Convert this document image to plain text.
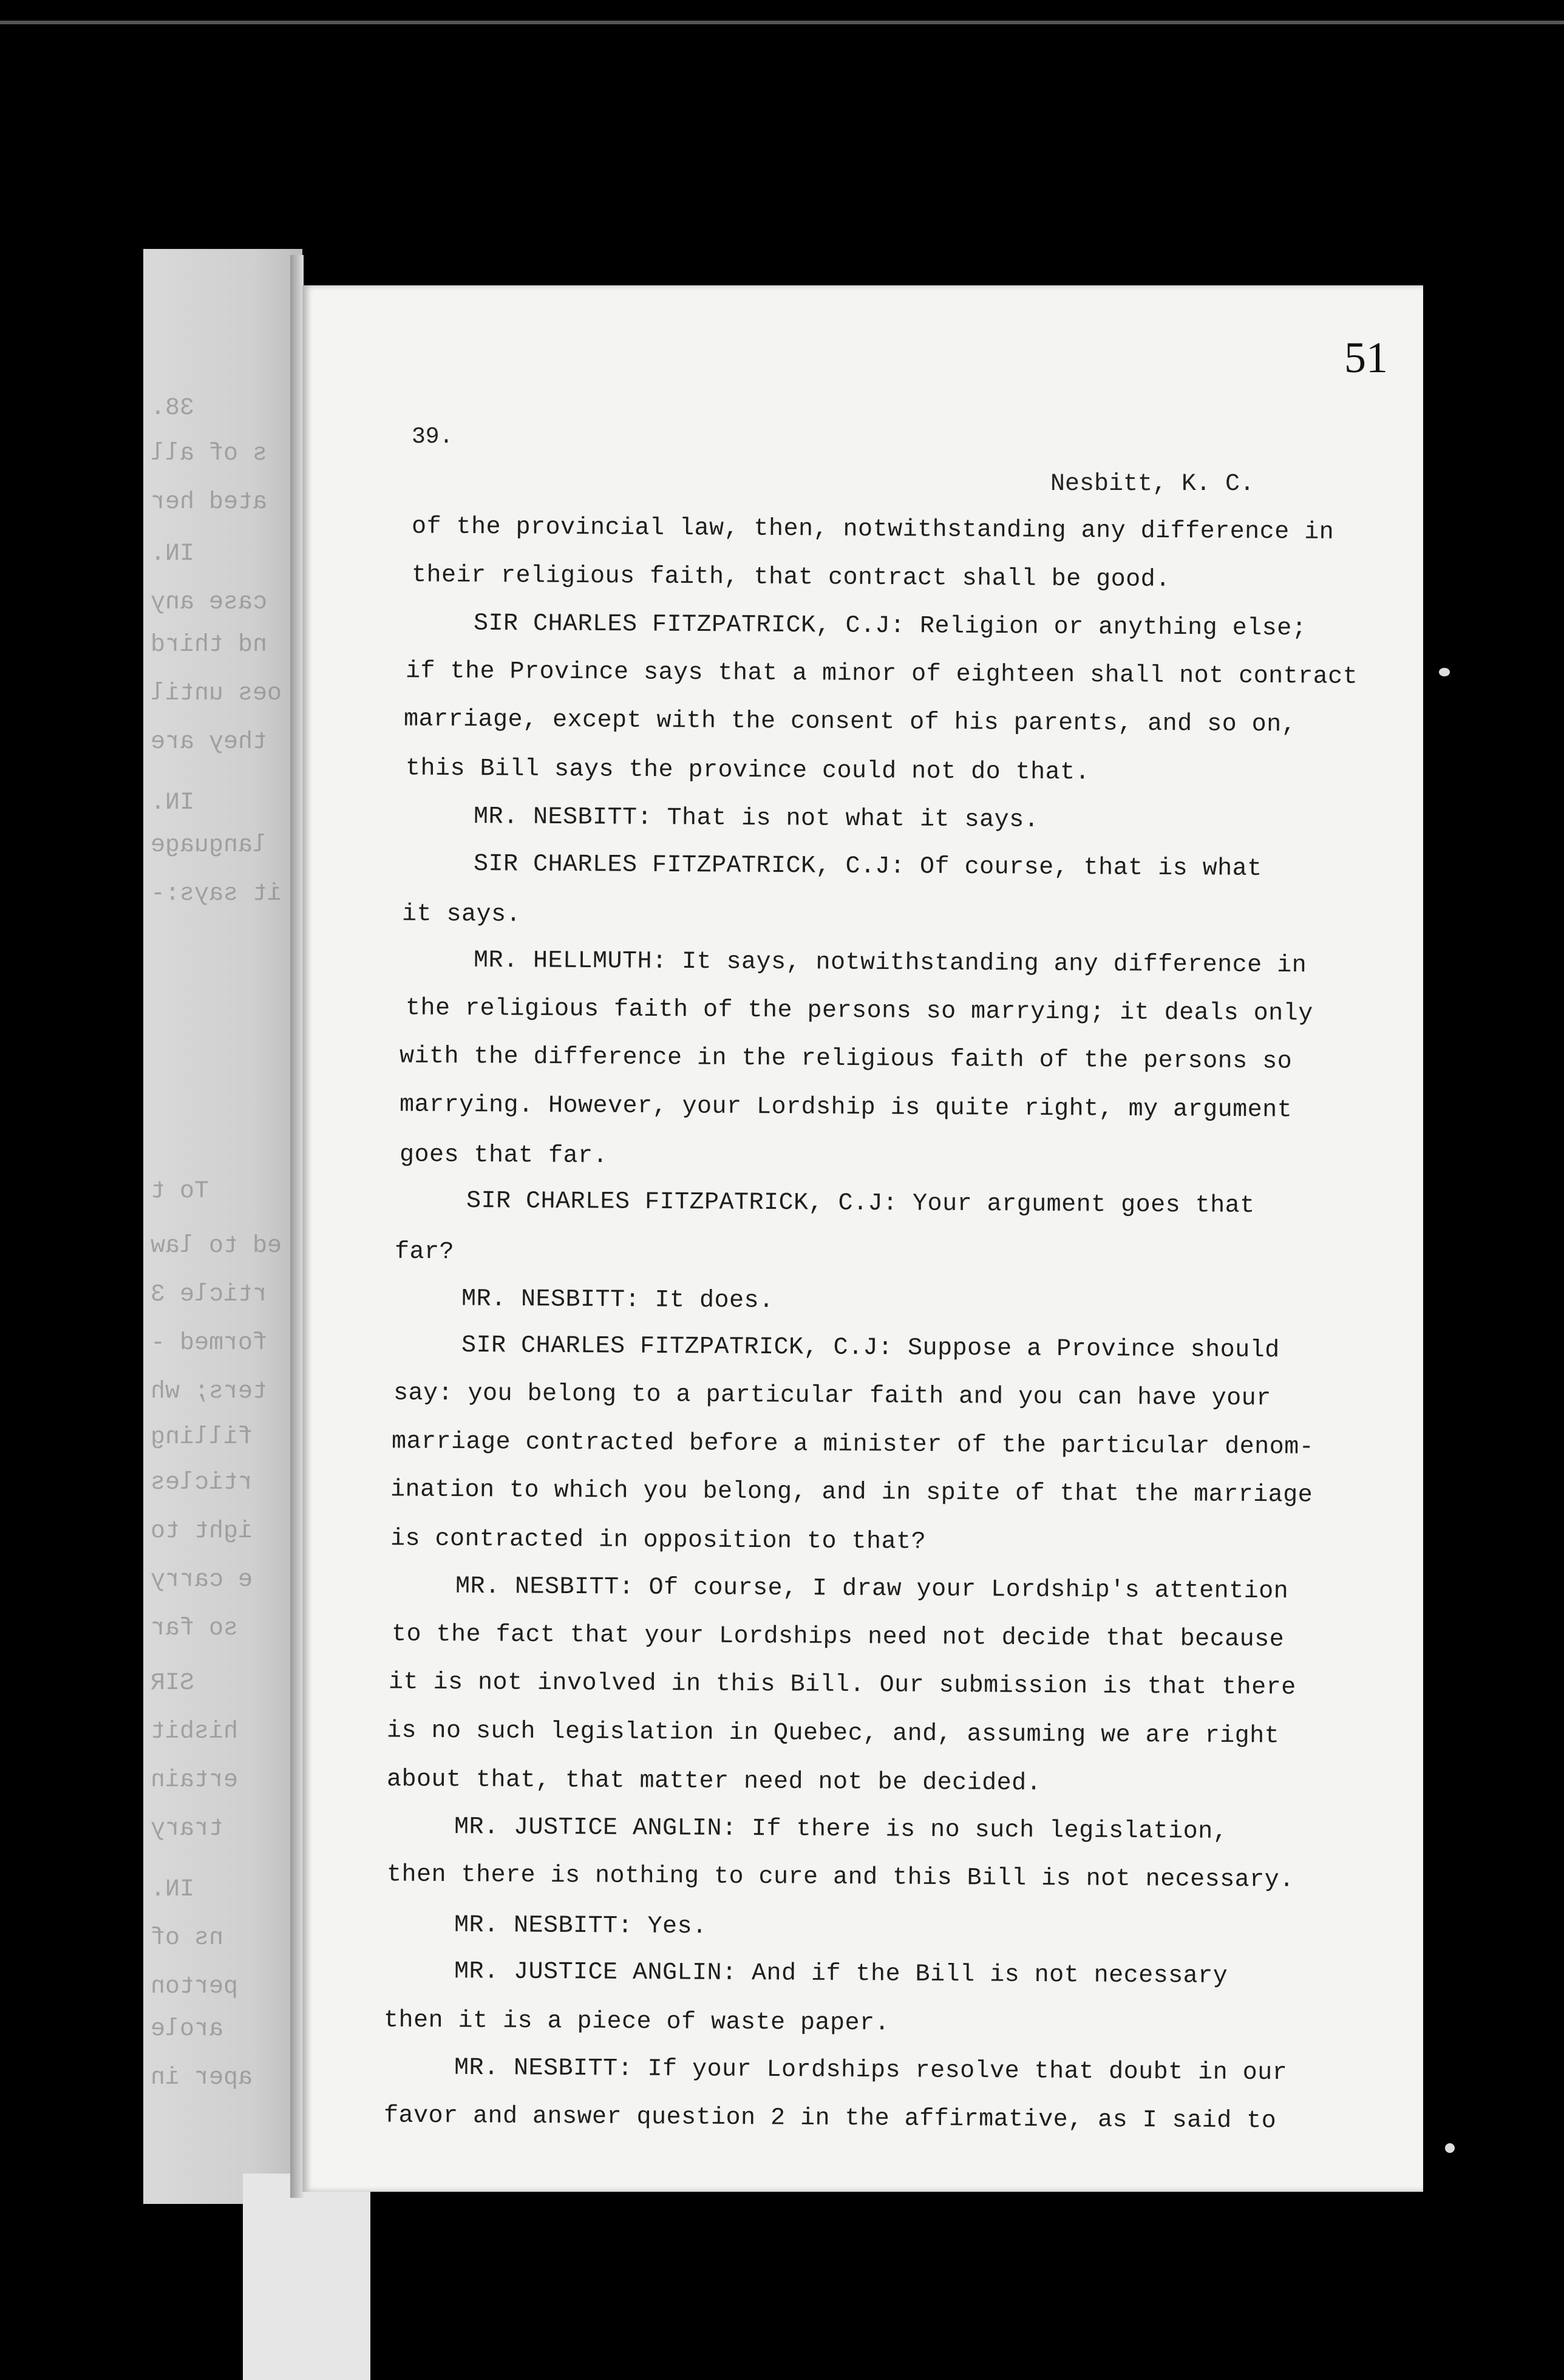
38.
s of all
ated her
IN.
case any
nd third
oes until
they are
IN.
language
it says:-
To t
ed to law
rticle 3
formed -
ters; wh
filling
rticles
ight to
e carry
so far
SIR
hisbit
ertain
trary
IN.
ns of
perton
arole
aper in
51
39.
Nesbitt, K. C.
of the provincial law, then, notwithstanding any difference in
their religious faith, that contract shall be good.
SIR CHARLES FITZPATRICK, C.J: Religion or anything else;
if the Province says that a minor of eighteen shall not contract
marriage, except with the consent of his parents, and so on,
this Bill says the province could not do that.
MR. NESBITT: That is not what it says.
SIR CHARLES FITZPATRICK, C.J: Of course, that is what
it says.
MR. HELLMUTH: It says, notwithstanding any difference in
the religious faith of the persons so marrying; it deals only
with the difference in the religious faith of the persons so
marrying. However, your Lordship is quite right, my argument
goes that far.
SIR CHARLES FITZPATRICK, C.J: Your argument goes that
far?
MR. NESBITT: It does.
SIR CHARLES FITZPATRICK, C.J: Suppose a Province should
say: you belong to a particular faith and you can have your
marriage contracted before a minister of the particular denom-
ination to which you belong, and in spite of that the marriage
is contracted in opposition to that?
MR. NESBITT: Of course, I draw your Lordship's attention
to the fact that your Lordships need not decide that because
it is not involved in this Bill. Our submission is that there
is no such legislation in Quebec, and, assuming we are right
about that, that matter need not be decided.
MR. JUSTICE ANGLIN: If there is no such legislation,
then there is nothing to cure and this Bill is not necessary.
MR. NESBITT: Yes.
MR. JUSTICE ANGLIN: And if the Bill is not necessary
then it is a piece of waste paper.
MR. NESBITT: If your Lordships resolve that doubt in our
favor and answer question 2 in the affirmative, as I said to
